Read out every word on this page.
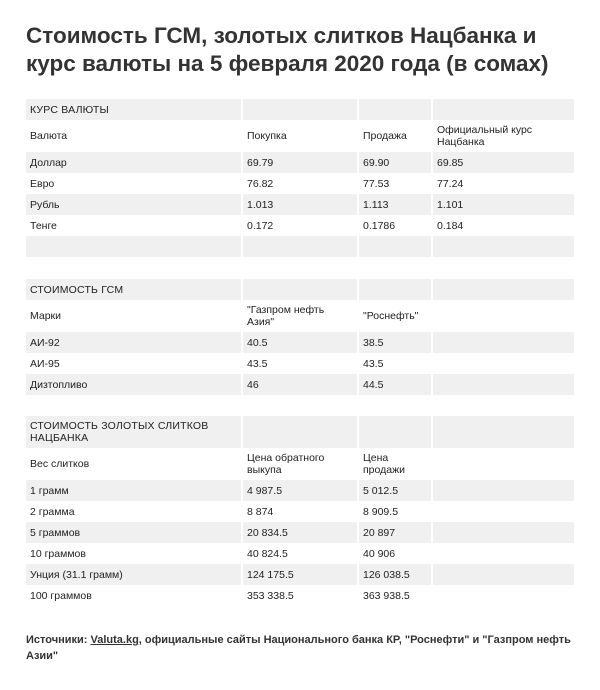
Стоимость ГСМ, золотых слитков Нацбанка и курс валюты на 5 февраля 2020 года (в сомах)
КУРС ВАЛЮТЫ			
Валюта	Покупка	Продажа	Официальный курс Нацбанка
Доллар	69.79	69.90	69.85
Евро	76.82	77.53	77.24
Рубль	1.013	1.113	1.101
Тенге	0.172	0.1786	0.184

СТОИМОСТЬ ГСМ			
Марки	"Газпром нефть Азия"	"Роснефть"	
АИ-92	40.5	38.5	
АИ-95	43.5	43.5	
Дизтопливо	46	44.5	
СТОИМОСТЬ ЗОЛОТЫХ СЛИТКОВ НАЦБАНКА			
Вес слитков	Цена обратного выкупа	Цена продажи	
1 грамм	4 987.5	5 012.5	
2 грамма	8 874	8 909.5	
5 граммов	20 834.5	20 897	
10 граммов	40 824.5	40 906	
Унция (31.1 грамм)	124 175.5	126 038.5	
100 граммов	353 338.5	363 938.5	

Источники: Valuta.kg, официальные сайты Национального банка КР, "Роснефти" и "Газпром нефть Азии"
